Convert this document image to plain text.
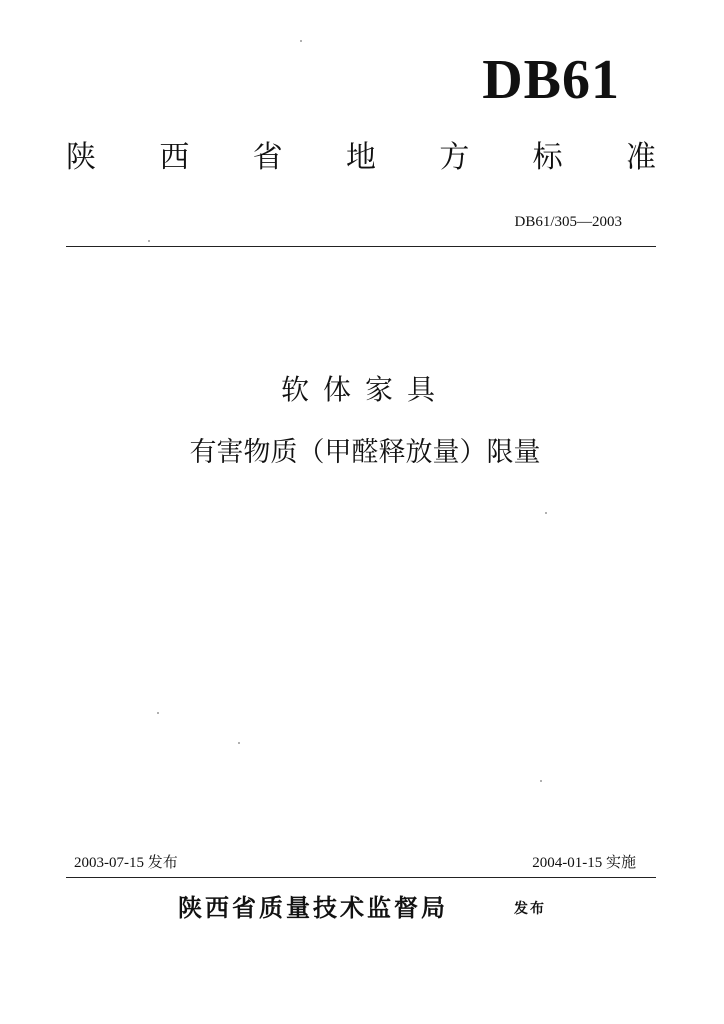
DB61
陕 西 省 地 方 标 准
DB61/305—2003
软体家具
有害物质（甲醛释放量）限量
2003-07-15 发布	2004-01-15 实施
陕西省质量技术监督局	发布
